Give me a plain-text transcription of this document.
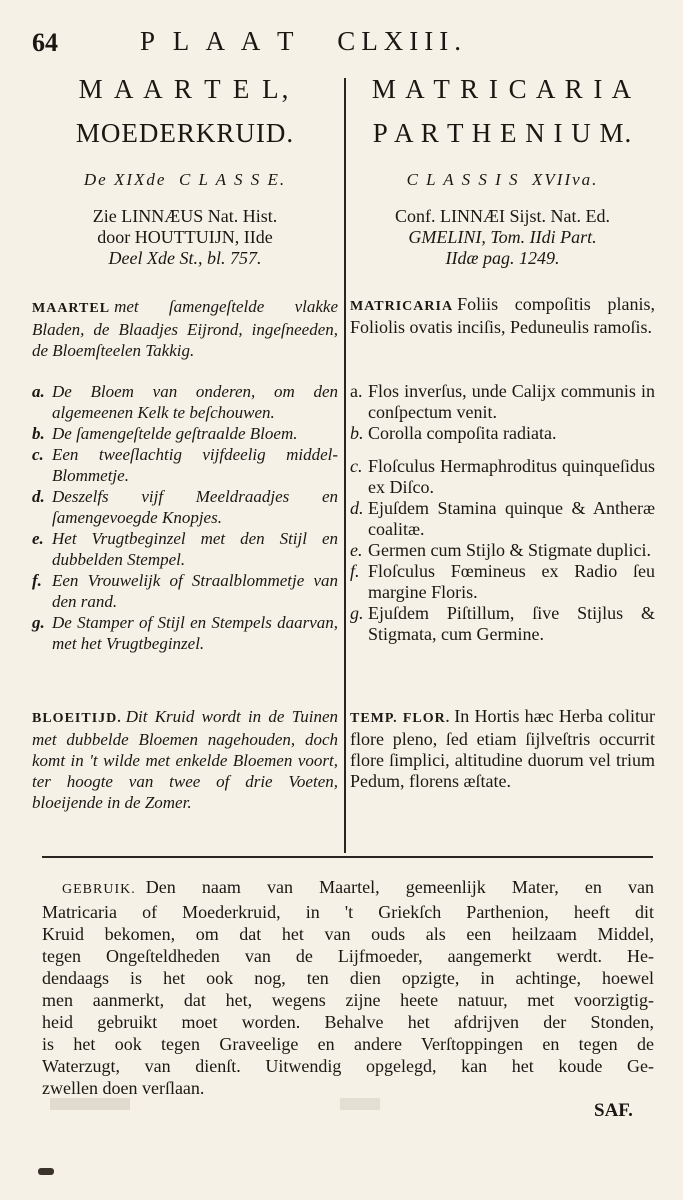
64	P L A A T   CLXIII.
M A A R T E L,
MOEDERKRUID.
De XIXde  C L A S S E.
Zie LINNÆUS Nat. Hist.
door HOUTTUIJN, IIde
Deel Xde St., bl. 757.
MAARTEL met ſamengeſtelde vlakke Bladen, de Blaadjes Eijrond, ingeſneeden, de Bloemſteelen Takkig.
a. De Bloem van onderen, om den algemeenen Kelk te beſchouwen.
b. De ſamengeſtelde geſtraalde Bloem.
c. Een tweeſlachtig vijfdeelig middel-Blommetje.
d. Deszelfs vijf Meeldraadjes en ſamengevoegde Knopjes.
e. Het Vrugtbeginzel met den Stijl en dubbelden Stempel.
f. Een Vrouwelijk of Straalblommetje van den rand.
g. De Stamper of Stijl en Stempels daarvan, met het Vrugtbeginzel.
BLOEITIJD. Dit Kruid wordt in de Tuinen met dubbelde Bloemen nagehouden, doch komt in 't wilde met enkelde Bloemen voort, ter hoogte van twee of drie Voeten, bloeijende in de Zomer.
M A T R I C A R I A
P A R T H E N I U M.
C L A S S I S  XVIIva.
Conf. LINNÆI Sijst. Nat. Ed.
GMELINI, Tom. IIdi Part.
IIdæ pag. 1249.
MATRICARIA Foliis compoſitis planis, Foliolis ovatis inciſis, Peduneulis ramoſis.
a. Flos inverſus, unde Calijx communis in conſpectum venit.
b. Corolla compoſita radiata.
c. Floſculus Hermaphroditus quinqueſidus ex Diſco.
d. Ejuſdem Stamina quinque & Antheræ coalitæ.
e. Germen cum Stijlo & Stigmate duplici.
f. Floſculus Fœmineus ex Radio ſeu margine Floris.
g. Ejuſdem Piſtillum, ſive Stijlus & Stigmata, cum Germine.
TEMP. FLOR. In Hortis hæc Herba colitur flore pleno, ſed etiam ſijlveſtris occurrit flore ſimplici, altitudine duorum vel trium Pedum, florens æſtate.
GEBRUIK. Den naam van Maartel, gemeenlijk Mater, en van
Matricaria of Moederkruid, in 't Griekſch Parthenion, heeft dit
Kruid bekomen, om dat het van ouds als een heilzaam Middel,
tegen Ongeſteldheden van de Lijfmoeder, aangemerkt werdt. He-
dendaags is het ook nog, ten dien opzigte, in achtinge, hoewel
men aanmerkt, dat het, wegens zijne heete natuur, met voorzigtig-
heid gebruikt moet worden. Behalve het afdrijven der Stonden,
is het ook tegen Graveelige en andere Verſtoppingen en tegen de
Waterzugt, van dienſt. Uitwendig opgelegd, kan het koude Ge-
zwellen doen verſlaan.
SAF.
